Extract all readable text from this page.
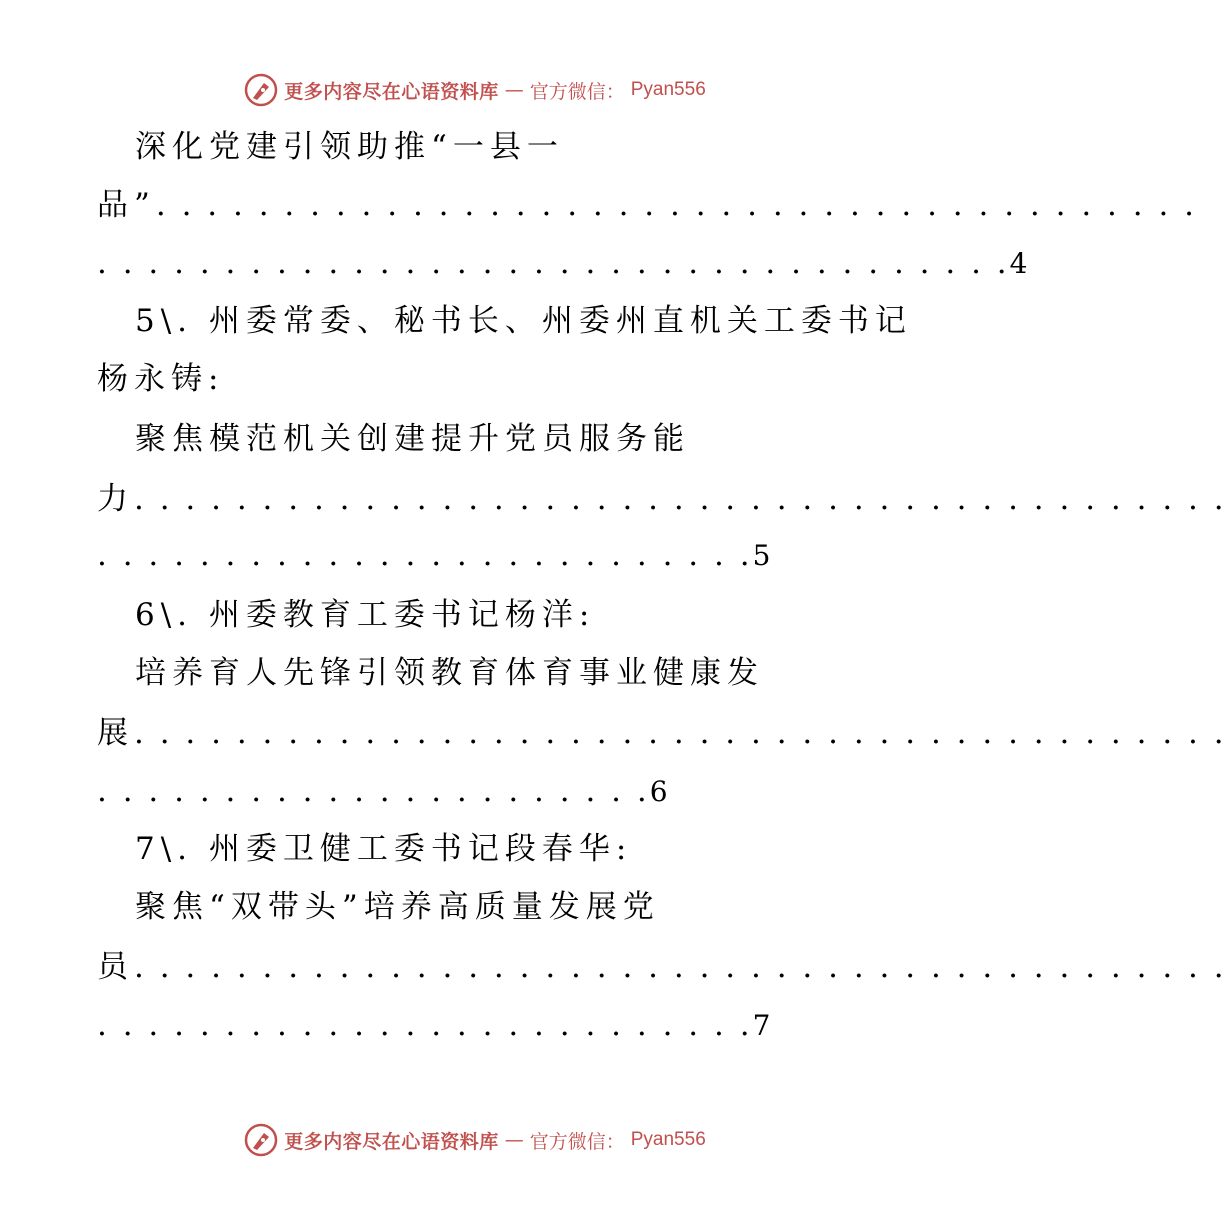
更多内容尽在心语资料库 — 官方微信： Pyan556
深化党建引领助推“一县一
品”. . . . . . . . . . . . . . . . . . . . . . . . . . . . . . . . . . . . . . . . .
. . . . . . . . . . . . . . . . . . . . . . . . . . . . . . . . . . . .4
5\. 州委常委、秘书长、州委州直机关工委书记
杨永铸:
聚焦模范机关创建提升党员服务能
力. . . . . . . . . . . . . . . . . . . . . . . . . . . . . . . . . . . . . . . . . . .
. . . . . . . . . . . . . . . . . . . . . . . . . .5
6\. 州委教育工委书记杨洋:
培养育人先锋引领教育体育事业健康发
展. . . . . . . . . . . . . . . . . . . . . . . . . . . . . . . . . . . . . . . . . . .
. . . . . . . . . . . . . . . . . . . . . .6
7\. 州委卫健工委书记段春华:
聚焦“双带头”培养高质量发展党
员. . . . . . . . . . . . . . . . . . . . . . . . . . . . . . . . . . . . . . . . . . .
. . . . . . . . . . . . . . . . . . . . . . . . . .7
更多内容尽在心语资料库 — 官方微信： Pyan556
